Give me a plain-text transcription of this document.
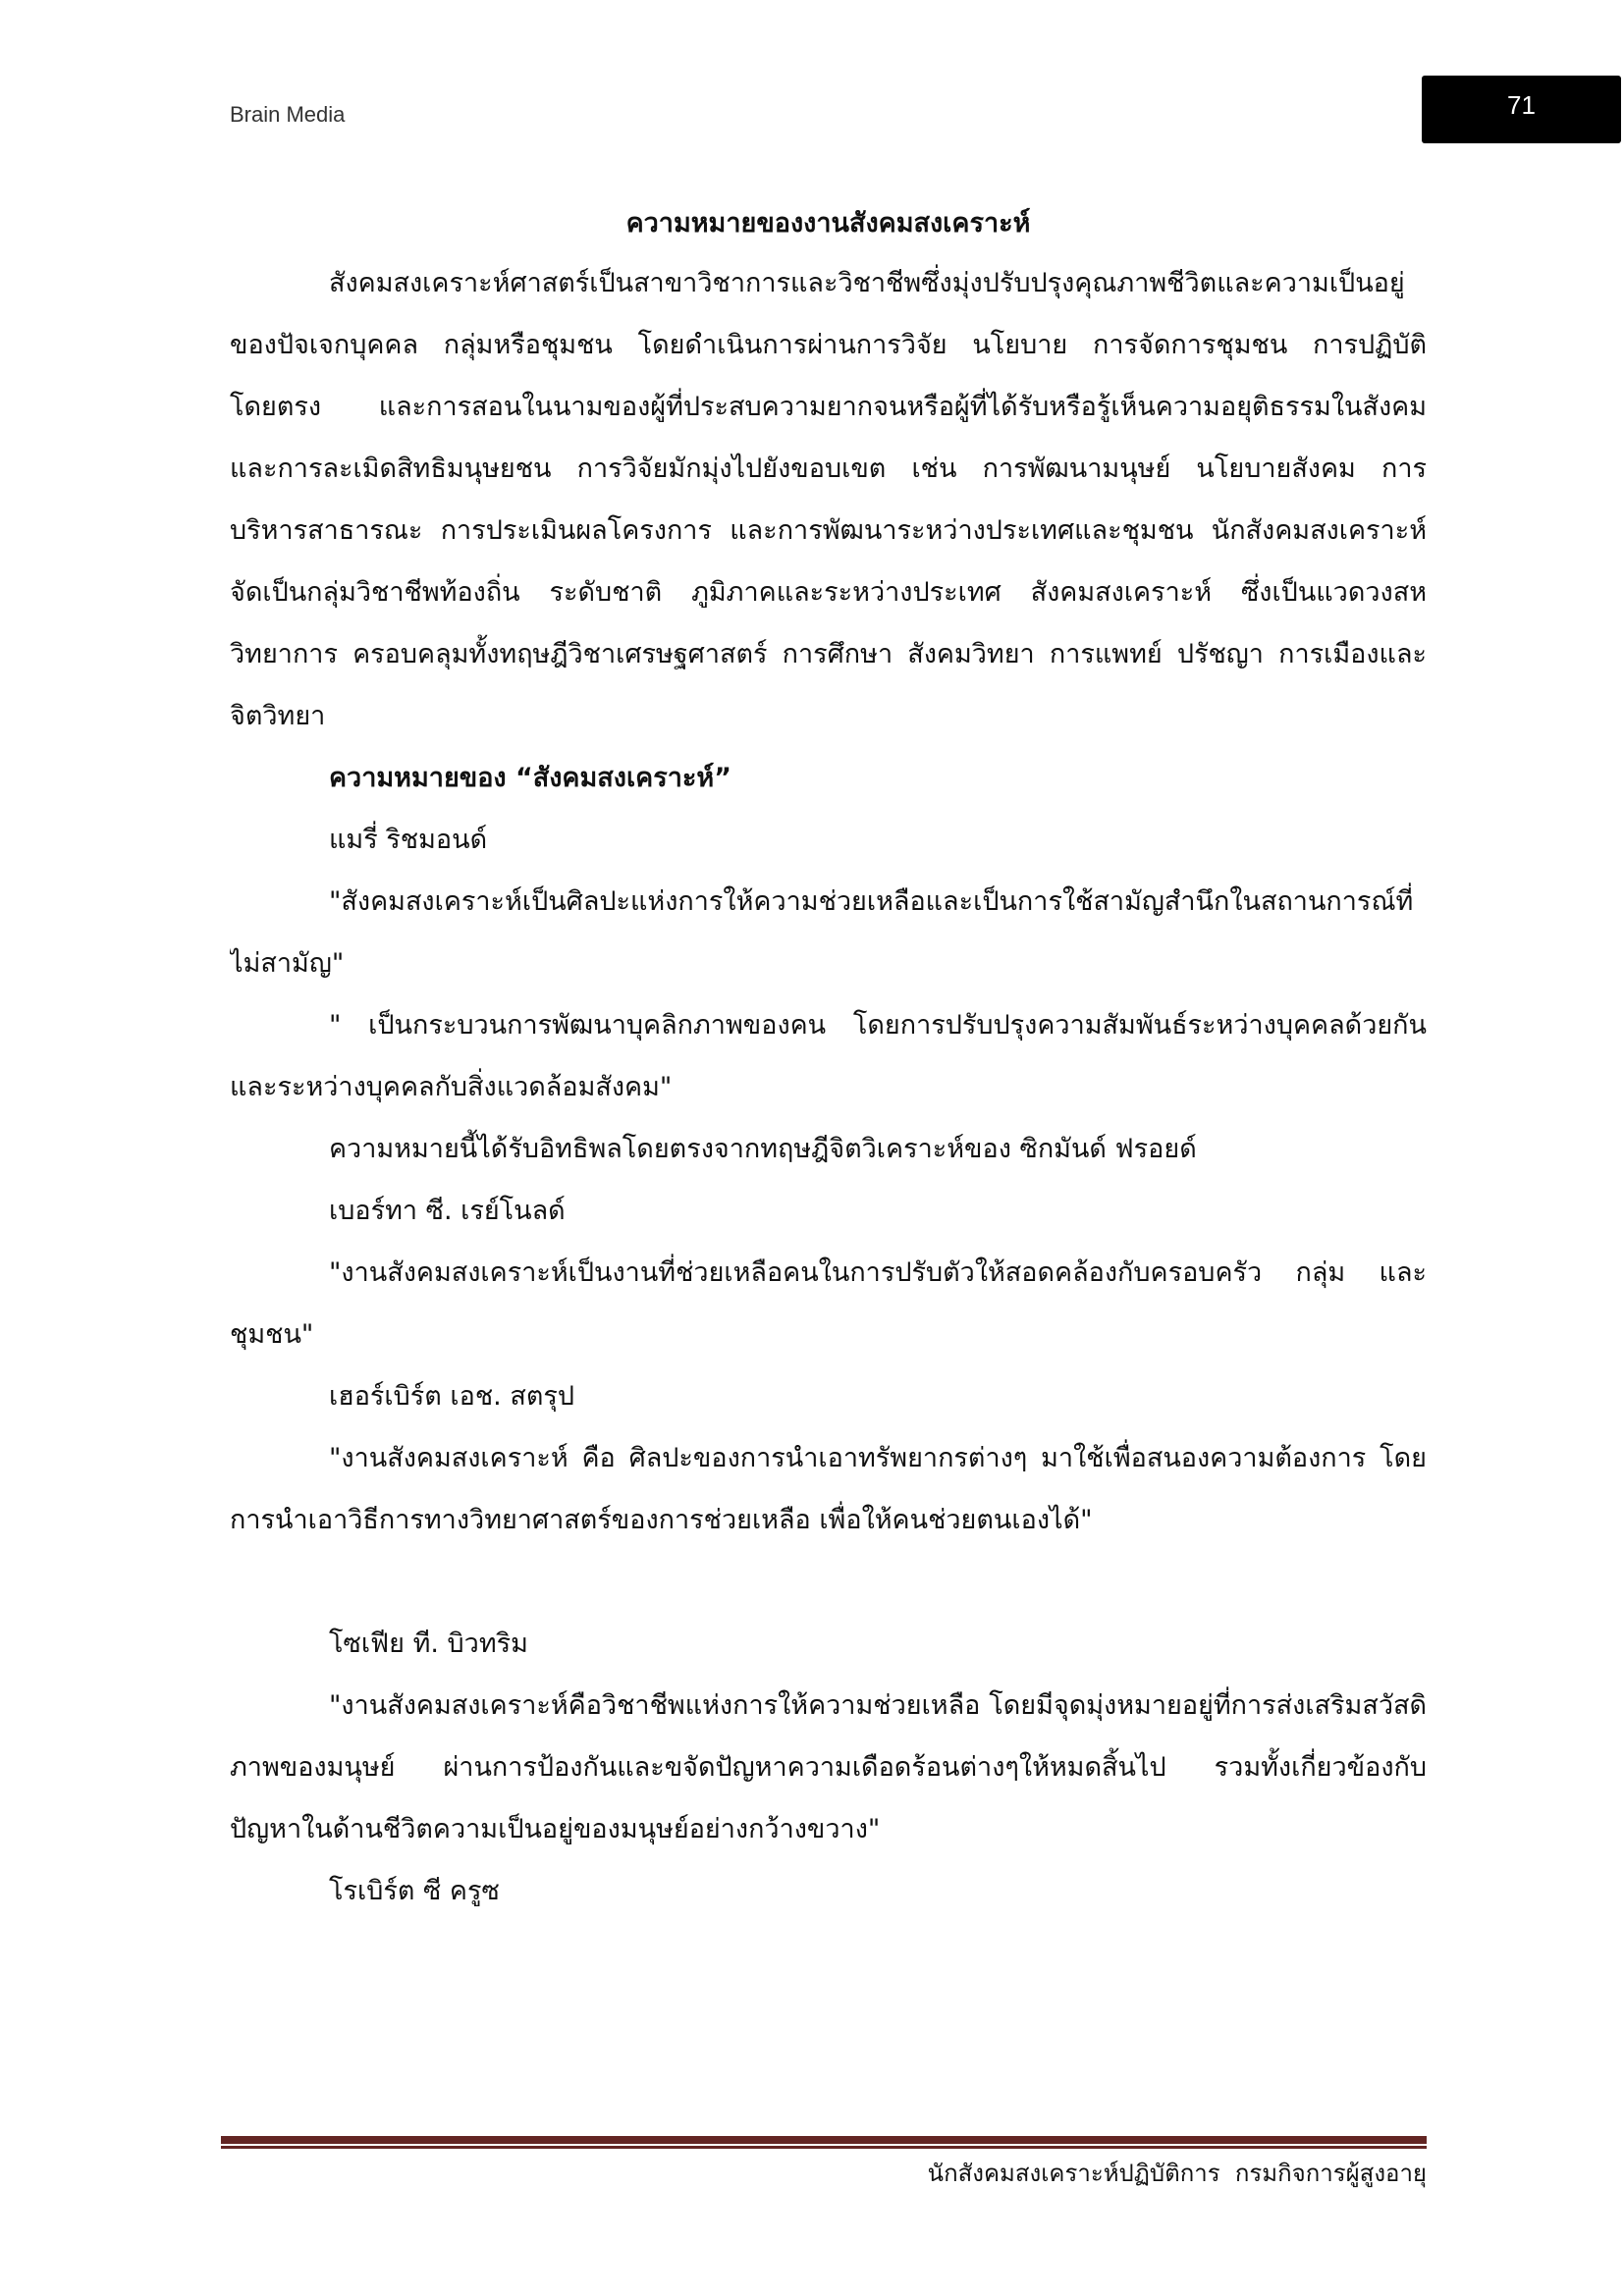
Brain Media	71
ความหมายของงานสังคมสงเคราะห์
สังคมสงเคราะห์ศาสตร์เป็นสาขาวิชาการและวิชาชีพซึ่งมุ่งปรับปรุงคุณภาพชีวิตและความเป็นอยู่
ของปัจเจกบุคคล กลุ่มหรือชุมชน โดยดำเนินการผ่านการวิจัย นโยบาย การจัดการชุมชน การปฏิบัติ
โดยตรง และการสอนในนามของผู้ที่ประสบความยากจนหรือผู้ที่ได้รับหรือรู้เห็นความอยุติธรรมในสังคม
และการละเมิดสิทธิมนุษยชน การวิจัยมักมุ่งไปยังขอบเขต เช่น การพัฒนามนุษย์ นโยบายสังคม การ
บริหารสาธารณะ การประเมินผลโครงการ และการพัฒนาระหว่างประเทศและชุมชน นักสังคมสงเคราะห์
จัดเป็นกลุ่มวิชาชีพท้องถิ่น ระดับชาติ ภูมิภาคและระหว่างประเทศ สังคมสงเคราะห์ ซึ่งเป็นแวดวงสห
วิทยาการ ครอบคลุมทั้งทฤษฎีวิชาเศรษฐศาสตร์ การศึกษา สังคมวิทยา การแพทย์ ปรัชญา การเมืองและ
จิตวิทยา
ความหมายของ “สังคมสงเคราะห์”
แมรี่ ริชมอนด์
"สังคมสงเคราะห์เป็นศิลปะแห่งการให้ความช่วยเหลือและเป็นการใช้สามัญสำนึกในสถานการณ์ที่
ไม่สามัญ"
" เป็นกระบวนการพัฒนาบุคลิกภาพของคน โดยการปรับปรุงความสัมพันธ์ระหว่างบุคคลด้วยกัน
และระหว่างบุคคลกับสิ่งแวดล้อมสังคม"
ความหมายนี้ได้รับอิทธิพลโดยตรงจากทฤษฎีจิตวิเคราะห์ของ ซิกมันด์ ฟรอยด์
เบอร์ทา ซี. เรย์โนลด์
"งานสังคมสงเคราะห์เป็นงานที่ช่วยเหลือคนในการปรับตัวให้สอดคล้องกับครอบครัว กลุ่ม และ
ชุมชน"
เฮอร์เบิร์ต เอช. สตรุป
"งานสังคมสงเคราะห์ คือ ศิลปะของการนำเอาทรัพยากรต่างๆ มาใช้เพื่อสนองความต้องการ โดย
การนำเอาวิธีการทางวิทยาศาสตร์ของการช่วยเหลือ เพื่อให้คนช่วยตนเองได้"
โซเฟีย ที. บิวทริม
"งานสังคมสงเคราะห์คือวิชาชีพแห่งการให้ความช่วยเหลือ โดยมีจุดมุ่งหมายอยู่ที่การส่งเสริมสวัสดิ
ภาพของมนุษย์ ผ่านการป้องกันและขจัดปัญหาความเดือดร้อนต่างๆให้หมดสิ้นไป รวมทั้งเกี่ยวข้องกับ
ปัญหาในด้านชีวิตความเป็นอยู่ของมนุษย์อย่างกว้างขวาง"
โรเบิร์ต ซี ครูซ
นักสังคมสงเคราะห์ปฏิบัติการ  กรมกิจการผู้สูงอายุ
